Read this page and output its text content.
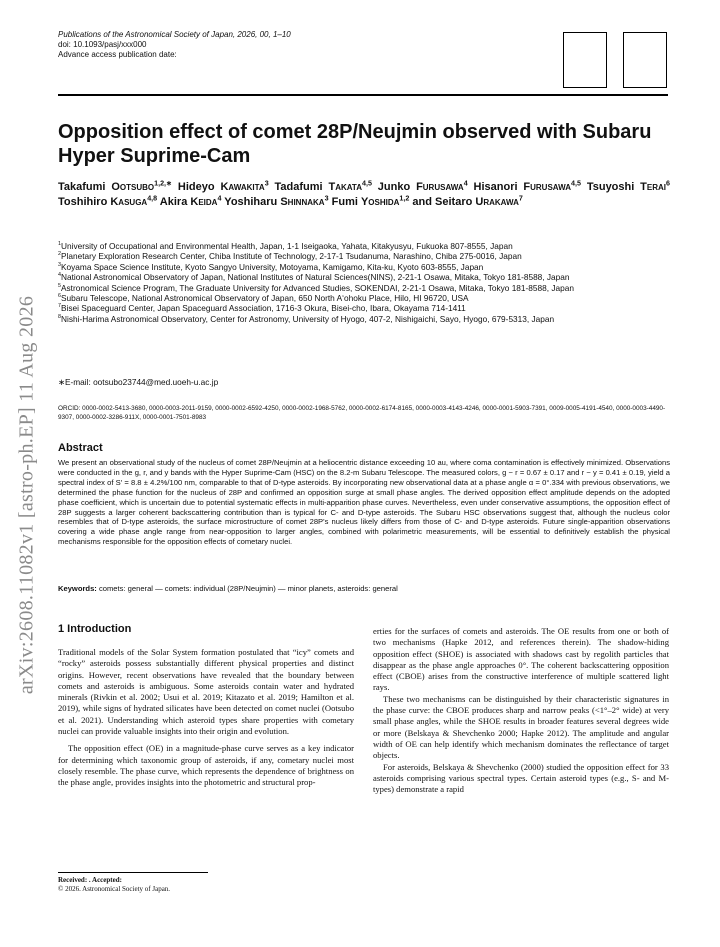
arXiv:2608.11082v1 [astro-ph.EP] 11 Aug 2026
Publications of the Astronomical Society of Japan, 2026, 00, 1–10
doi: 10.1093/pasj/xxx000
Advance access publication date:
Opposition effect of comet 28P/Neujmin observed with Subaru Hyper Suprime-Cam
Takafumi Ootsubo$^{1,2,∗}$ Hideyo Kawakita$^3$ Tadafumi Takata$^{4,5}$ Junko Furusawa$^4$ Hisanori Furusawa$^{4,5}$ Tsuyoshi Terai$^6$ Toshihiro Kasuga$^{4,8}$ Akira Keida$^4$ Yoshiharu Shinnaka$^3$ Fumi Yoshida$^{1,2}$ and Seitaro Urakawa$^7$
$^1$University of Occupational and Environmental Health, Japan, 1-1 Iseigaoka, Yahata, Kitakyusyu, Fukuoka 807-8555, Japan
$^2$Planetary Exploration Research Center, Chiba Institute of Technology, 2-17-1 Tsudanuma, Narashino, Chiba 275-0016, Japan
$^3$Koyama Space Science Institute, Kyoto Sangyo University, Motoyama, Kamigamo, Kita-ku, Kyoto 603-8555, Japan
$^4$National Astronomical Observatory of Japan, National Institutes of Natural Sciences(NINS), 2-21-1 Osawa, Mitaka, Tokyo 181-8588, Japan
$^5$Astronomical Science Program, The Graduate University for Advanced Studies, SOKENDAI, 2-21-1 Osawa, Mitaka, Tokyo 181-8588, Japan
$^6$Subaru Telescope, National Astronomical Observatory of Japan, 650 North A‘ohoku Place, Hilo, HI 96720, USA
$^7$Bisei Spaceguard Center, Japan Spaceguard Association, 1716-3 Okura, Bisei-cho, Ibara, Okayama 714-1411
$^8$Nishi-Harima Astronomical Observatory, Center for Astronomy, University of Hyogo, 407-2, Nishigaichi, Sayo, Hyogo, 679-5313, Japan
∗E-mail: ootsubo23744@med.uoeh-u.ac.jp
ORCID: 0000-0002-5413-3680, 0000-0003-2011-9159, 0000-0002-6592-4250, 0000-0002-1968-5762, 0000-0002-6174-8165, 0000-0003-4143-4246, 0000-0001-5903-7391, 0009-0005-4191-4540, 0000-0003-4490-9307, 0000-0002-3286-911X, 0000-0001-7501-8983
Abstract

We present an observational study of the nucleus of comet 28P/Neujmin at a heliocentric distance exceeding 10 au, where coma contamination is effectively minimized. Observations were conducted in the g, r, and y bands with the Hyper Suprime-Cam (HSC) on the 8.2-m Subaru Telescope. The measured colors, g − r = 0.67 ± 0.17 and r − y = 0.41 ± 0.19, yield a spectral index of S′ = 8.8 ± 4.2%/100 nm, comparable to that of D-type asteroids. By incorporating new observational data at a phase angle α = 0°.334 with previous observations, we determined the phase function for the nucleus of 28P and confirmed an opposition surge at small phase angles. The derived opposition effect amplitude depends on the adopted phase coefficient, which is uncertain due to potential systematic effects in multi-apparition phase curves. Nevertheless, even under conservative assumptions, the opposition effect of 28P suggests a larger coherent backscattering contribution than is typical for C- and D-type asteroids. The Subaru HSC observations suggest that, although the nucleus color resembles that of D-type asteroids, the surface microstructure of comet 28P's nucleus likely differs from those of C- and D-type asteroids. Future single-apparition observations covering a wide phase angle range from near-opposition to larger angles, combined with polarimetric measurements, will be essential to definitively establish the physical mechanisms responsible for the opposition effects of cometary nuclei.

Keywords: comets: general — comets: individual (28P/Neujmin) — minor planets, asteroids: general
1 Introduction

Traditional models of the Solar System formation postulated that “icy” comets and “rocky” asteroids possess substantially different physical properties and distinct origins. However, recent observations have revealed that the boundary between comets and asteroids is ambiguous. Some asteroids contain water and hydrated minerals (Rivkin et al. 2002; Usui et al. 2019; Kitazato et al. 2019; Hamilton et al. 2019), while signs of hydrated silicates have been detected on comet nuclei (Ootsubo et al. 2021). Understanding which asteroid types share properties with cometary nuclei can provide valuable insights into their origin and evolution.

The opposition effect (OE) in a magnitude-phase curve serves as a key indicator for determining which taxonomic group of asteroids, if any, cometary nuclei most closely resemble. The phase curve, which represents the dependence of brightness on the phase angle, provides insights into the photometric and structural prop-

erties for the surfaces of comets and asteroids. The OE results from one or both of two mechanisms (Hapke 2012, and references therein). The shadow-hiding opposition effect (SHOE) is associated with shadows cast by regolith particles that disappear as the phase angle approaches 0°. The coherent backscattering opposition effect (CBOE) arises from the constructive interference of multiple scattered light rays.

These two mechanisms can be distinguished by their characteristic signatures in the phase curve: the CBOE produces sharp and narrow peaks (<1°–2° wide) at very small phase angles, while the SHOE results in broader features several degrees wide or more (Belskaya & Shevchenko 2000; Hapke 2012). The amplitude and angular width of OE can help identify which mechanism dominates the reflectance of target objects.

For asteroids, Belskaya & Shevchenko (2000) studied the opposition effect for 33 asteroids comprising various spectral types. Certain asteroid types (e.g., S- and M-types) demonstrate a rapid

Received: . Accepted:
© 2026. Astronomical Society of Japan.
